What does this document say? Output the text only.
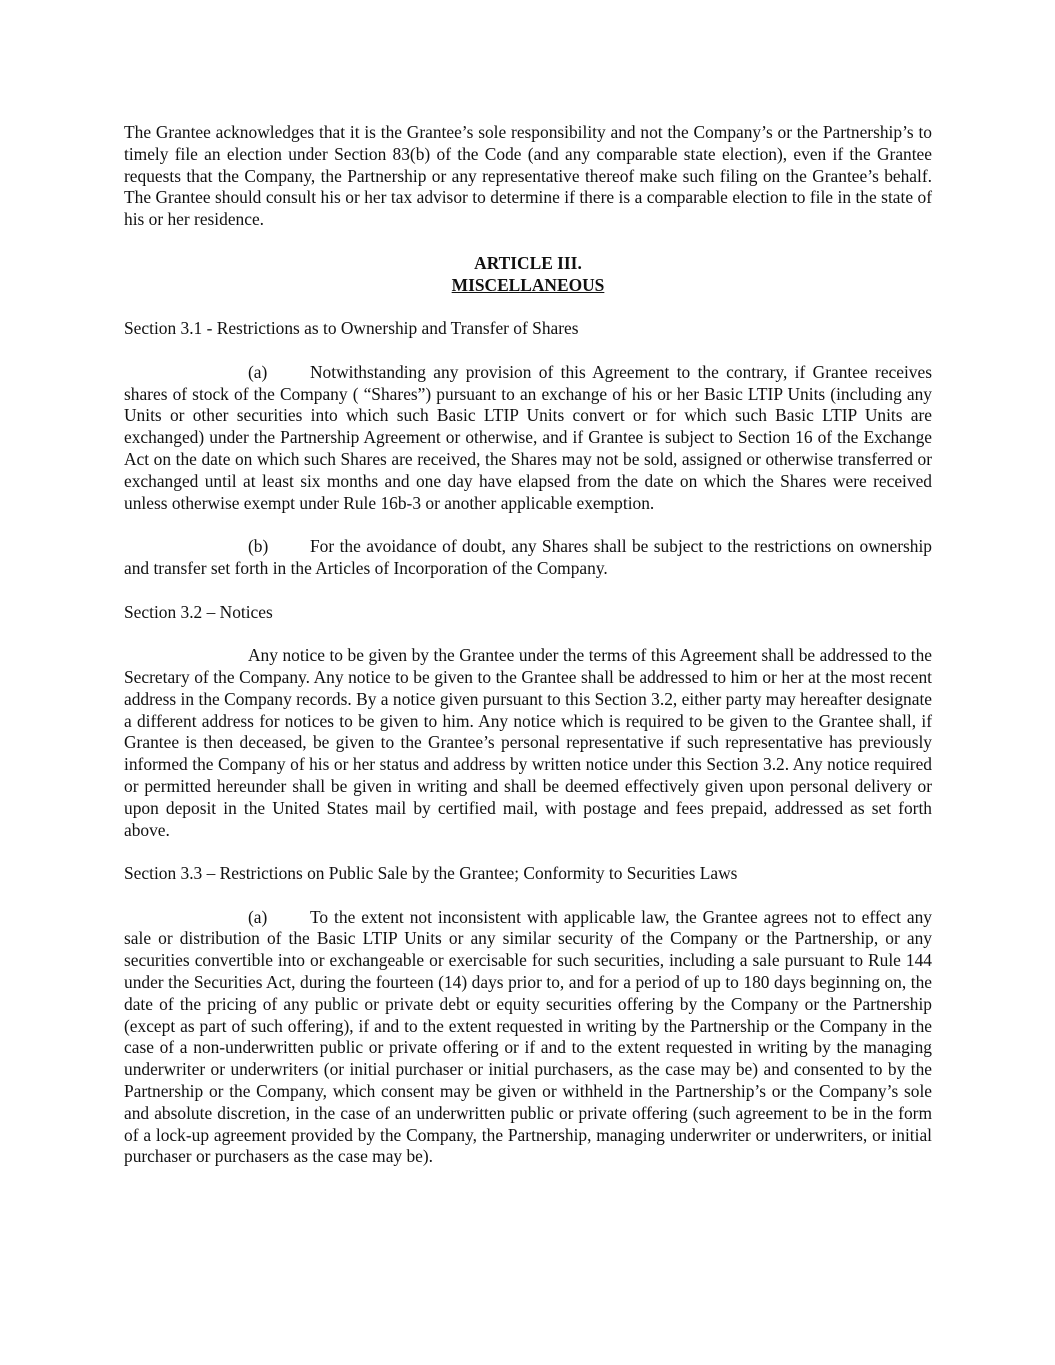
The Grantee acknowledges that it is the Grantee’s sole responsibility and not the Company’s or the Partnership’s to timely file an election under Section 83(b) of the Code (and any comparable state election), even if the Grantee requests that the Company, the Partnership or any representative thereof make such filing on the Grantee’s behalf. The Grantee should consult his or her tax advisor to determine if there is a comparable election to file in the state of his or her residence.

ARTICLE III.
MISCELLANEOUS

Section 3.1 - Restrictions as to Ownership and Transfer of Shares

(a) Notwithstanding any provision of this Agreement to the contrary, if Grantee receives shares of stock of the Company ( “Shares”) pursuant to an exchange of his or her Basic LTIP Units (including any Units or other securities into which such Basic LTIP Units convert or for which such Basic LTIP Units are exchanged) under the Partnership Agreement or otherwise, and if Grantee is subject to Section 16 of the Exchange Act on the date on which such Shares are received, the Shares may not be sold, assigned or otherwise transferred or exchanged until at least six months and one day have elapsed from the date on which the Shares were received unless otherwise exempt under Rule 16b-3 or another applicable exemption.

(b) For the avoidance of doubt, any Shares shall be subject to the restrictions on ownership and transfer set forth in the Articles of Incorporation of the Company.

Section 3.2 – Notices

Any notice to be given by the Grantee under the terms of this Agreement shall be addressed to the Secretary of the Company. Any notice to be given to the Grantee shall be addressed to him or her at the most recent address in the Company records. By a notice given pursuant to this Section 3.2, either party may hereafter designate a different address for notices to be given to him. Any notice which is required to be given to the Grantee shall, if Grantee is then deceased, be given to the Grantee’s personal representative if such representative has previously informed the Company of his or her status and address by written notice under this Section 3.2. Any notice required or permitted hereunder shall be given in writing and shall be deemed effectively given upon personal delivery or upon deposit in the United States mail by certified mail, with postage and fees prepaid, addressed as set forth above.

Section 3.3 – Restrictions on Public Sale by the Grantee; Conformity to Securities Laws

(a) To the extent not inconsistent with applicable law, the Grantee agrees not to effect any sale or distribution of the Basic LTIP Units or any similar security of the Company or the Partnership, or any securities convertible into or exchangeable or exercisable for such securities, including a sale pursuant to Rule 144 under the Securities Act, during the fourteen (14) days prior to, and for a period of up to 180 days beginning on, the date of the pricing of any public or private debt or equity securities offering by the Company or the Partnership (except as part of such offering), if and to the extent requested in writing by the Partnership or the Company in the case of a non-underwritten public or private offering or if and to the extent requested in writing by the managing underwriter or underwriters (or initial purchaser or initial purchasers, as the case may be) and consented to by the Partnership or the Company, which consent may be given or withheld in the Partnership’s or the Company’s sole and absolute discretion, in the case of an underwritten public or private offering (such agreement to be in the form of a lock-up agreement provided by the Company, the Partnership, managing underwriter or underwriters, or initial purchaser or purchasers as the case may be).
